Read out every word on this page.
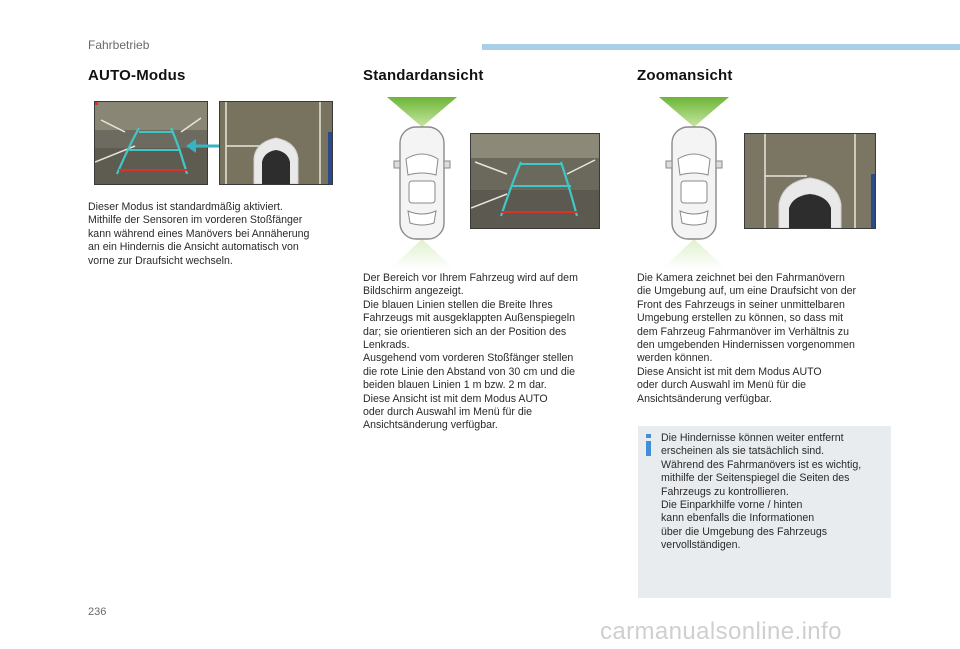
Fahrbetrieb
AUTO-Modus	Standardansicht	Zoomansicht
Dieser Modus ist standardmäßig aktiviert.
Mithilfe der Sensoren im vorderen Stoßfänger
kann während eines Manövers bei Annäherung
an ein Hindernis die Ansicht automatisch von
vorne zur Draufsicht wechseln.
Der Bereich vor Ihrem Fahrzeug wird auf dem
Bildschirm angezeigt.
Die blauen Linien stellen die Breite Ihres
Fahrzeugs mit ausgeklappten Außenspiegeln
dar; sie orientieren sich an der Position des
Lenkrads.
Ausgehend vom vorderen Stoßfänger stellen
die rote Linie den Abstand von 30 cm und die
beiden blauen Linien 1 m bzw. 2 m dar.
Diese Ansicht ist mit dem Modus AUTO
oder durch Auswahl im Menü für die
Ansichtsänderung verfügbar.
Die Kamera zeichnet bei den Fahrmanövern
die Umgebung auf, um eine Draufsicht von der
Front des Fahrzeugs in seiner unmittelbaren
Umgebung erstellen zu können, so dass mit
dem Fahrzeug Fahrmanöver im Verhältnis zu
den umgebenden Hindernissen vorgenommen
werden können.
Diese Ansicht ist mit dem Modus AUTO
oder durch Auswahl im Menü für die
Ansichtsänderung verfügbar.
Die Hindernisse können weiter entfernt
erscheinen als sie tatsächlich sind.
Während des Fahrmanövers ist es wichtig,
mithilfe der Seitenspiegel die Seiten des
Fahrzeugs zu kontrollieren.
Die Einparkhilfe vorne / hinten
kann ebenfalls die Informationen
über die Umgebung des Fahrzeugs
vervollständigen.
236
carmanualsonline.info
